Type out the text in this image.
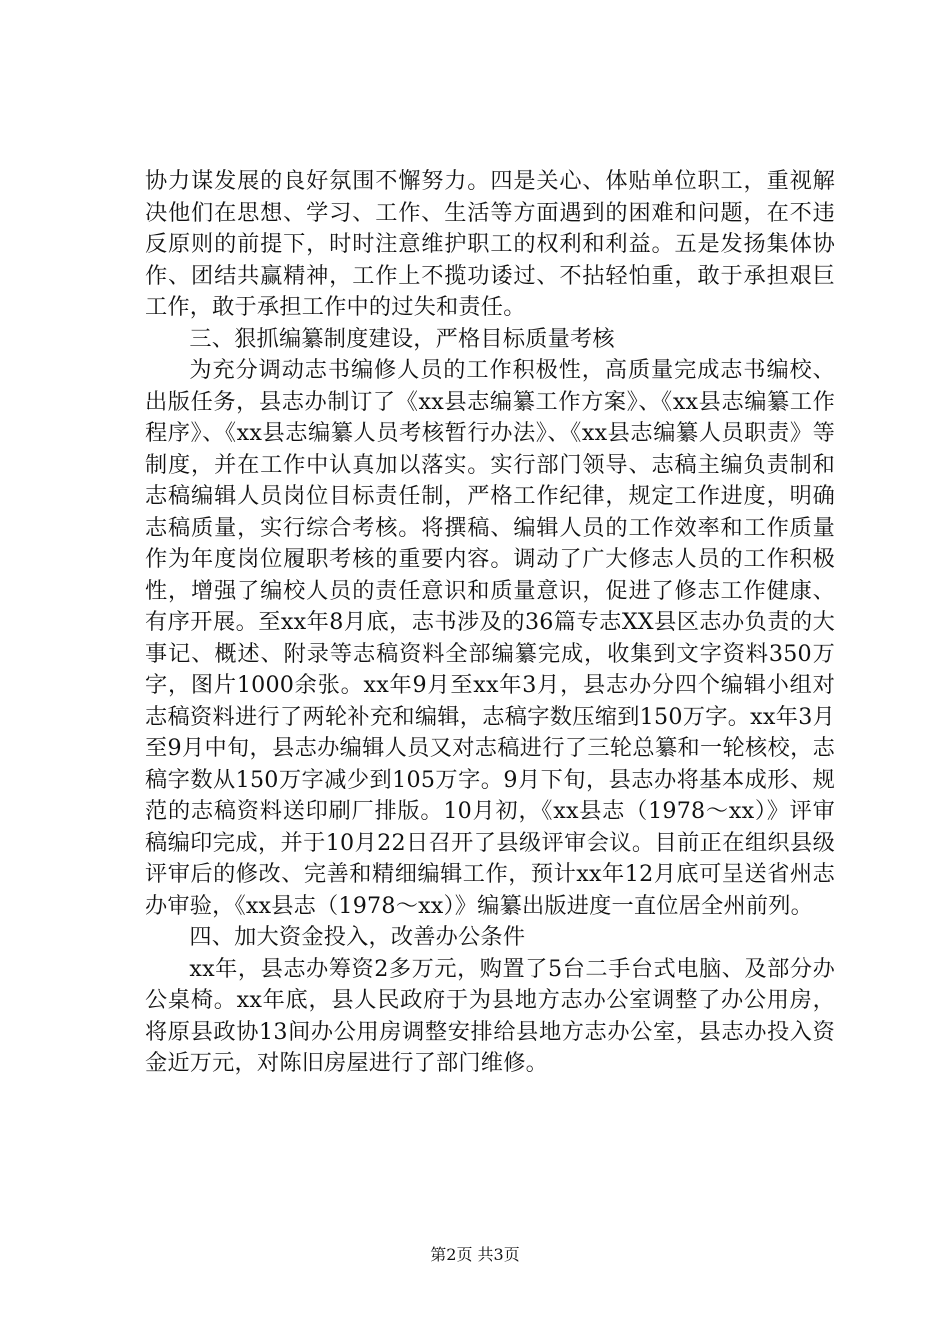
协力谋发展的良好氛围不懈努力。四是关心、体贴单位职工，重视解决他们在思想、学习、工作、生活等方面遇到的困难和问题，在不违反原则的前提下，时时注意维护职工的权利和利益。五是发扬集体协作、团结共赢精神，工作上不揽功诿过、不拈轻怕重，敢于承担艰巨工作，敢于承担工作中的过失和责任。

三、狠抓编纂制度建设，严格目标质量考核

为充分调动志书编修人员的工作积极性，高质量完成志书编校、出版任务，县志办制订了《xx县志编纂工作方案》、《xx县志编纂工作程序》、《xx县志编纂人员考核暂行办法》、《xx县志编纂人员职责》等制度，并在工作中认真加以落实。实行部门领导、志稿主编负责制和志稿编辑人员岗位目标责任制，严格工作纪律，规定工作进度，明确志稿质量，实行综合考核。将撰稿、编辑人员的工作效率和工作质量作为年度岗位履职考核的重要内容。调动了广大修志人员的工作积极性，增强了编校人员的责任意识和质量意识，促进了修志工作健康、有序开展。至xx年8月底，志书涉及的36篇专志XX县区志办负责的大事记、概述、附录等志稿资料全部编纂完成，收集到文字资料350万字，图片1000余张。xx年9月至xx年3月，县志办分四个编辑小组对志稿资料进行了两轮补充和编辑，志稿字数压缩到150万字。xx年3月至9月中旬，县志办编辑人员又对志稿进行了三轮总纂和一轮核校，志稿字数从150万字减少到105万字。9月下旬，县志办将基本成形、规范的志稿资料送印刷厂排版。10月初，《xx县志（1978～xx）》评审稿编印完成，并于10月22日召开了县级评审会议。目前正在组织县级评审后的修改、完善和精细编辑工作，预计xx年12月底可呈送省州志办审验，《xx县志（1978～xx）》编纂出版进度一直位居全州前列。

四、加大资金投入，改善办公条件

xx年，县志办筹资2多万元，购置了5台二手台式电脑、及部分办公桌椅。xx年底，县人民政府于为县地方志办公室调整了办公用房，将原县政协13间办公用房调整安排给县地方志办公室，县志办投入资金近万元，对陈旧房屋进行了部门维修。

第2页 共3页
